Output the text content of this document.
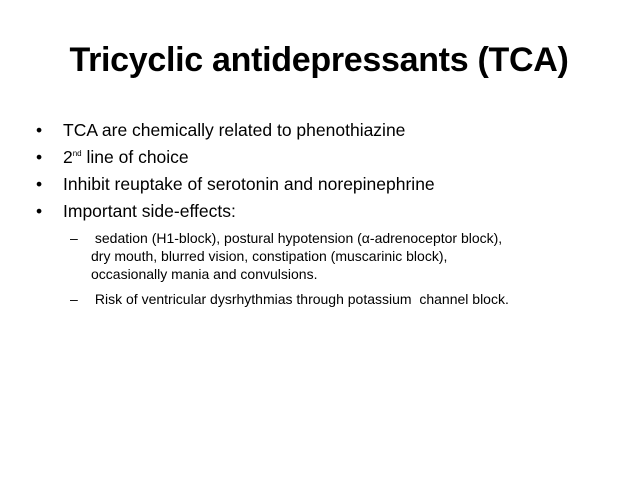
Tricyclic antidepressants (TCA)
•	TCA are chemically related to phenothiazine
•	2nd line of choice
•	Inhibit reuptake of serotonin and norepinephrine
•	Important side-effects:
– sedation (H1-block), postural hypotension (α-adrenoceptor block),
dry mouth, blurred vision, constipation (muscarinic block),
occasionally mania and convulsions.
– Risk of ventricular dysrhythmias through potassium  channel block.
